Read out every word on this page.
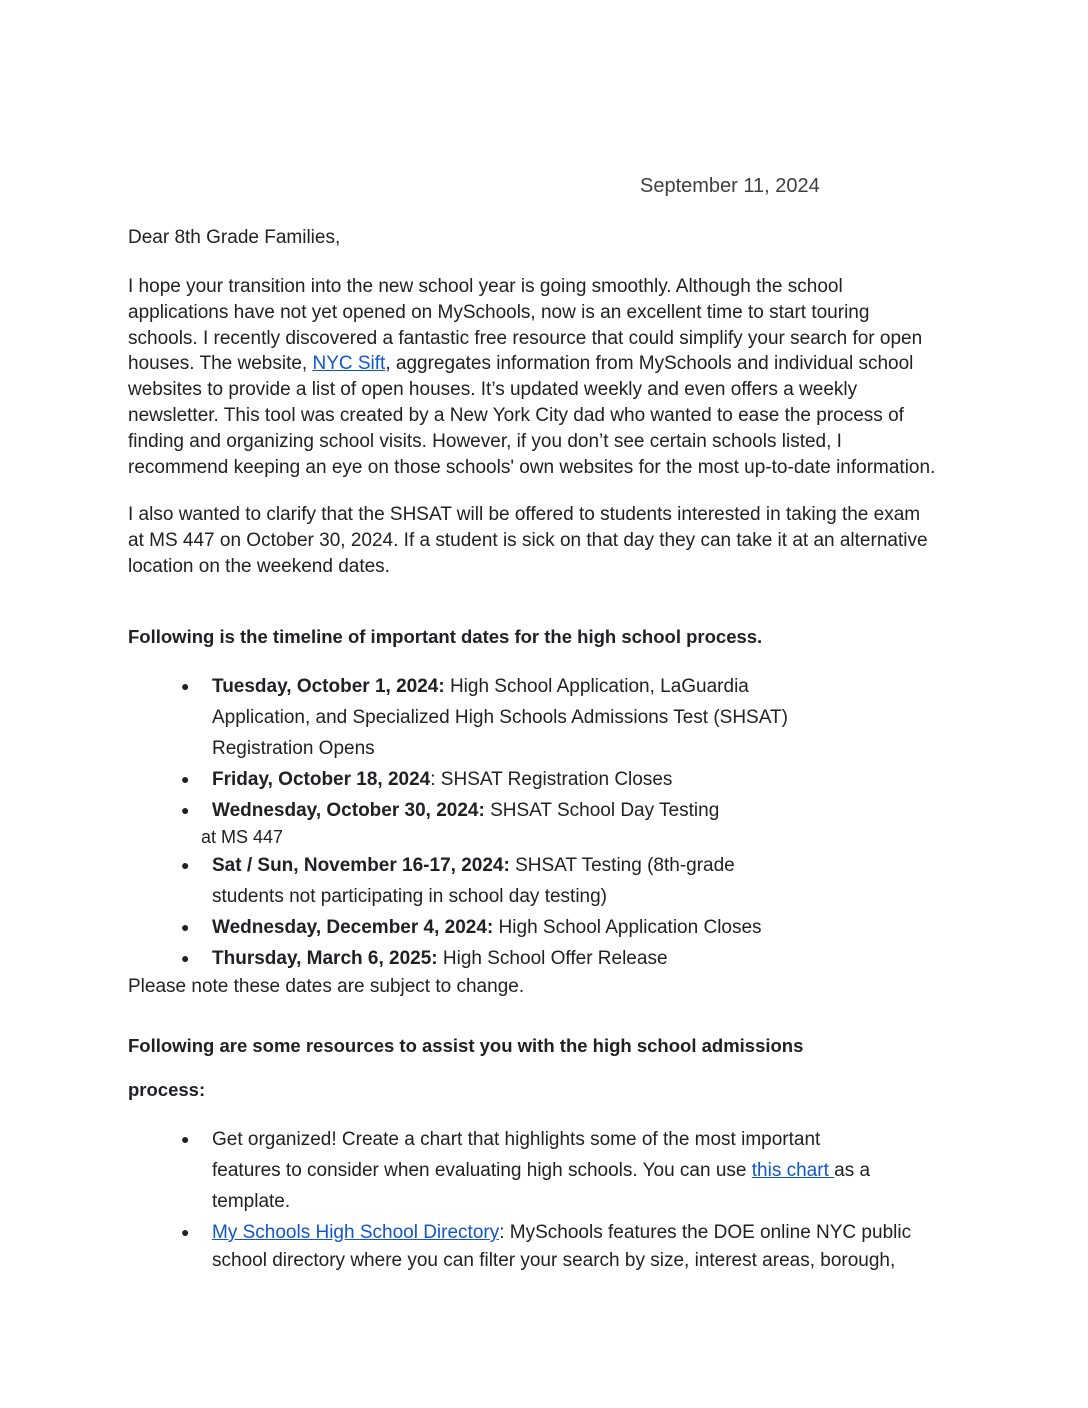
September 11, 2024

Dear 8th Grade Families,

I hope your transition into the new school year is going smoothly. Although the school
applications have not yet opened on MySchools, now is an excellent time to start touring
schools. I recently discovered a fantastic free resource that could simplify your search for open
houses. The website, NYC Sift, aggregates information from MySchools and individual school
websites to provide a list of open houses. It’s updated weekly and even offers a weekly
newsletter. This tool was created by a New York City dad who wanted to ease the process of
finding and organizing school visits. However, if you don’t see certain schools listed, I
recommend keeping an eye on those schools' own websites for the most up-to-date information.
I also wanted to clarify that the SHSAT will be offered to students interested in taking the exam
at MS 447 on October 30, 2024. If a student is sick on that day they can take it at an alternative
location on the weekend dates.

Following is the timeline of important dates for the high school process.

● Tuesday, October 1, 2024: High School Application, LaGuardia
Application, and Specialized High Schools Admissions Test (SHSAT)
Registration Opens
● Friday, October 18, 2024: SHSAT Registration Closes
● Wednesday, October 30, 2024: SHSAT School Day Testing
● Sat / Sun, November 16-17, 2024: SHSAT Testing (8th-grade
students not participating in school day testing)
● Wednesday, December 4, 2024: High School Application Closes
● Thursday, March 6, 2025: High School Offer Release

at MS 447

Please note these dates are subject to change.

Following are some resources to assist you with the high school admissions

process:

● Get organized! Create a chart that highlights some of the most important
features to consider when evaluating high schools. You can use this chart as a
template.
● My Schools High School Directory: MySchools features the DOE online NYC public
school directory where you can filter your search by size, interest areas, borough,
